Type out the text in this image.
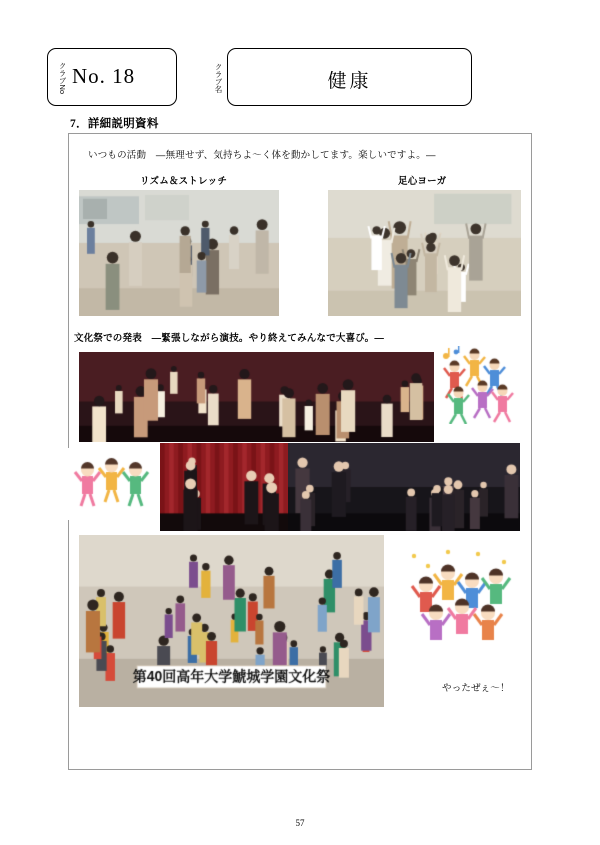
クラブNo No. 18	クラブ名	健康
7．詳細説明資料
いつもの活動　―無理せず、気持ちよ～く体を動かしてます。楽しいですよ。―
リズム＆ストレッチ	足心ヨーガ
文化祭での発表　―緊張しながら演技。やり終えてみんなで大喜び。―
やったぜぇ～！
57
